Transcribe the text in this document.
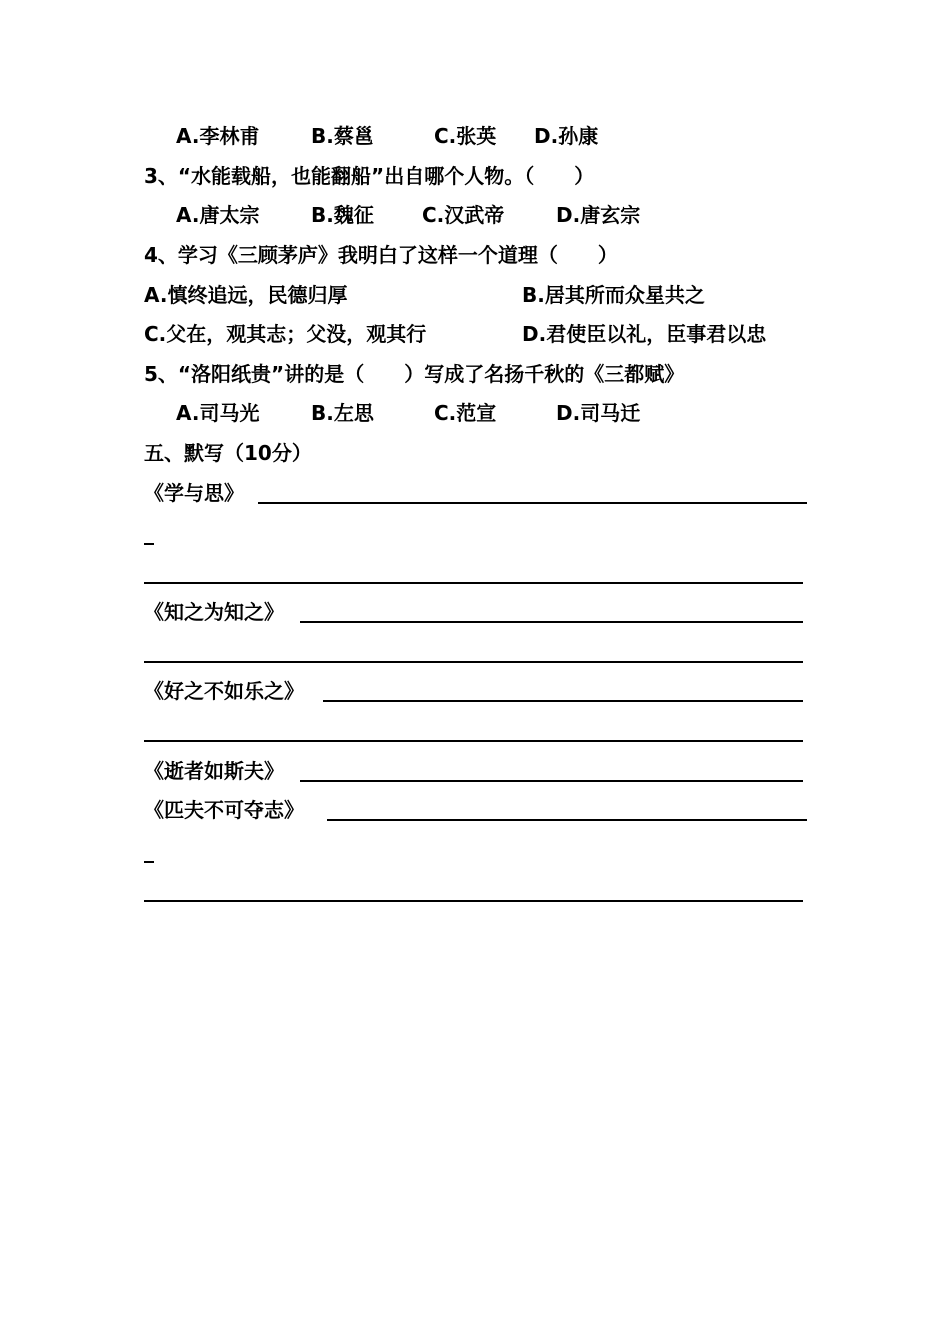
A.李林甫	B.蔡邕	C.张英 D.孙康
3、“水能载船，也能翻船”出自哪个人物。（　　）
A.唐太宗	B.魏征 C.汉武帝	D.唐玄宗
4、学习《三顾茅庐》我明白了这样一个道理（　　）
A.慎终追远，民德归厚	B.居其所而众星共之
C.父在，观其志；父没，观其行	D.君使臣以礼，臣事君以忠
5、“洛阳纸贵”讲的是（　　）写成了名扬千秋的《三都赋》
A.司马光	B.左思	C.范宣	D.司马迁
五、默写（10分）
《学与思》
《知之为知之》
《好之不如乐之》
《逝者如斯夫》
《匹夫不可夺志》
